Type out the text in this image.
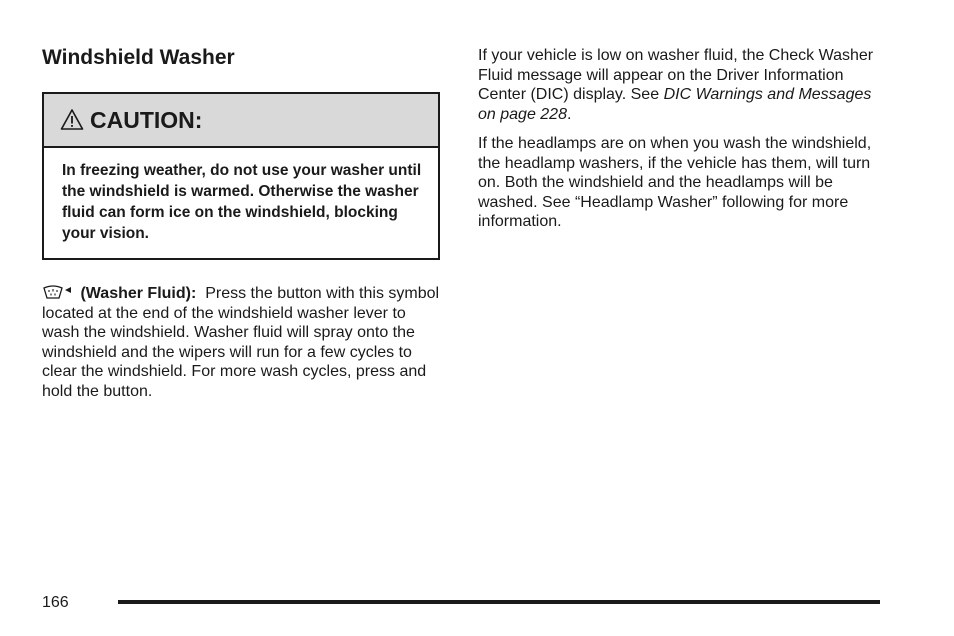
Windshield Washer
CAUTION:
In freezing weather, do not use your washer until the windshield is warmed. Otherwise the washer fluid can form ice on the windshield, blocking your vision.

(Washer Fluid): Press the button with this symbol located at the end of the windshield washer lever to wash the windshield. Washer fluid will spray onto the windshield and the wipers will run for a few cycles to clear the windshield. For more wash cycles, press and hold the button.

If your vehicle is low on washer fluid, the Check Washer Fluid message will appear on the Driver Information Center (DIC) display. See DIC Warnings and Messages on page 228.

If the headlamps are on when you wash the windshield, the headlamp washers, if the vehicle has them, will turn on. Both the windshield and the headlamps will be washed. See “Headlamp Washer” following for more information.

166
